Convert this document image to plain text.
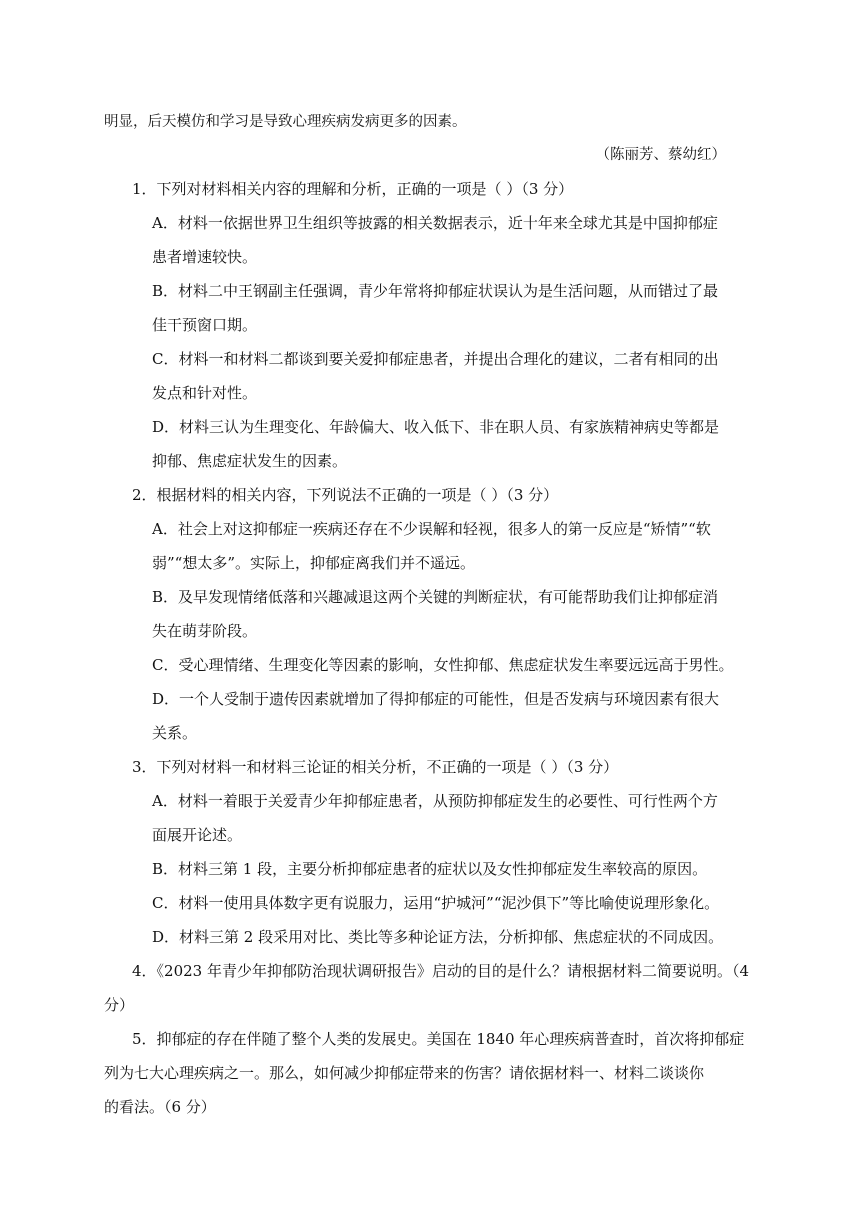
明显，后天模仿和学习是导致心理疾病发病更多的因素。
（陈丽芳、蔡幼红）
1．下列对材料相关内容的理解和分析，正确的一项是（ ）（3 分）
A．材料一依据世界卫生组织等披露的相关数据表示，近十年来全球尤其是中国抑郁症
患者增速较快。
B．材料二中王钢副主任强调，青少年常将抑郁症状误认为是生活问题，从而错过了最
佳干预窗口期。
C．材料一和材料二都谈到要关爱抑郁症患者，并提出合理化的建议，二者有相同的出
发点和针对性。
D．材料三认为生理变化、年龄偏大、收入低下、非在职人员、有家族精神病史等都是
抑郁、焦虑症状发生的因素。
2．根据材料的相关内容，下列说法不正确的一项是（ ）（3 分）
A．社会上对这抑郁症一疾病还存在不少误解和轻视，很多人的第一反应是“矫情”“软
弱”“想太多”。实际上，抑郁症离我们并不遥远。
B．及早发现情绪低落和兴趣减退这两个关键的判断症状，有可能帮助我们让抑郁症消
失在萌芽阶段。
C．受心理情绪、生理变化等因素的影响，女性抑郁、焦虑症状发生率要远远高于男性。
D．一个人受制于遗传因素就增加了得抑郁症的可能性，但是否发病与环境因素有很大
关系。
3．下列对材料一和材料三论证的相关分析，不正确的一项是（ ）（3 分）
A．材料一着眼于关爱青少年抑郁症患者，从预防抑郁症发生的必要性、可行性两个方
面展开论述。
B．材料三第 1 段，主要分析抑郁症患者的症状以及女性抑郁症发生率较高的原因。
C．材料一使用具体数字更有说服力，运用“护城河”“泥沙俱下”等比喻使说理形象化。
D．材料三第 2 段采用对比、类比等多种论证方法，分析抑郁、焦虑症状的不同成因。
4．《2023 年青少年抑郁防治现状调研报告》启动的目的是什么？请根据材料二简要说明。（4
分）
5．抑郁症的存在伴随了整个人类的发展史。美国在 1840 年心理疾病普查时，首次将抑郁症
列为七大心理疾病之一。那么，如何减少抑郁症带来的伤害？请依据材料一、材料二谈谈你
的看法。（6 分）
